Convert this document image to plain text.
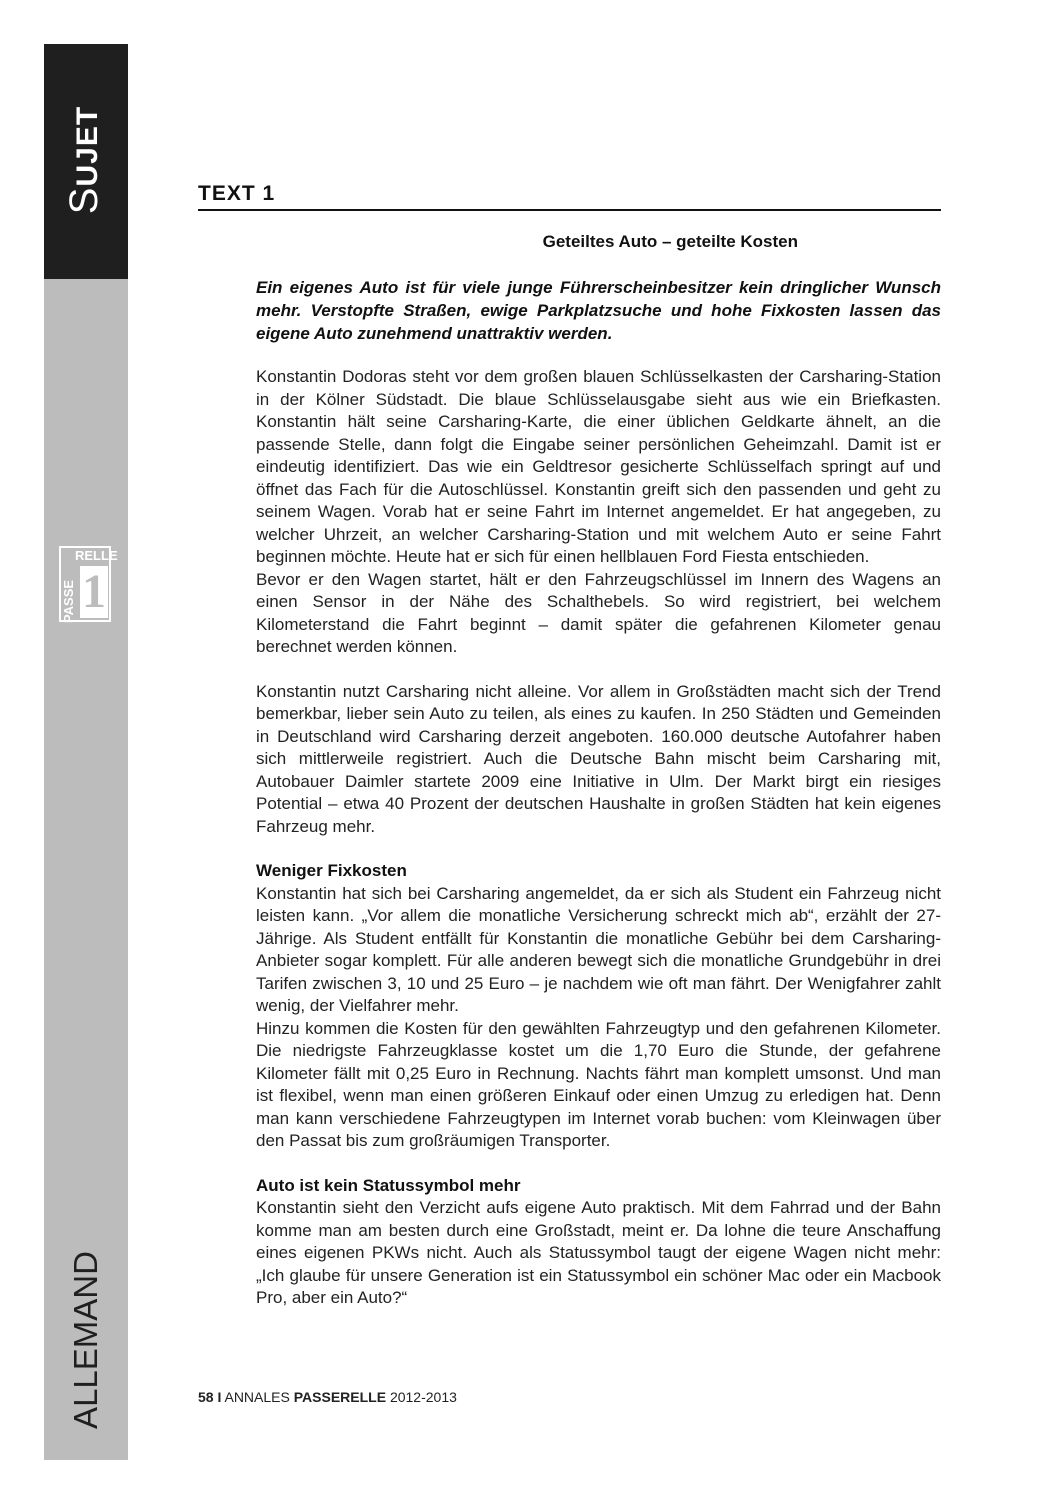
SUJET
RELLE
PASSE 1
ALLEMAND
TEXT 1
Geteiltes Auto – geteilte Kosten
Ein eigenes Auto ist für viele junge Führerscheinbesitzer kein dringlicher Wunsch mehr. Verstopfte Straßen, ewige Parkplatzsuche und hohe Fixkosten lassen das eigene Auto zunehmend unattraktiv werden.

Konstantin Dodoras steht vor dem großen blauen Schlüsselkasten der Carsharing-Station in der Kölner Südstadt. Die blaue Schlüsselausgabe sieht aus wie ein Briefkasten. Konstantin hält seine Carsharing-Karte, die einer üblichen Geldkarte ähnelt, an die passende Stelle, dann folgt die Eingabe seiner persönlichen Geheimzahl. Damit ist er eindeutig identifiziert. Das wie ein Geldtresor gesicherte Schlüsselfach springt auf und öffnet das Fach für die Autoschlüssel. Konstantin greift sich den passenden und geht zu seinem Wagen. Vorab hat er seine Fahrt im Internet angemeldet. Er hat angegeben, zu welcher Uhrzeit, an welcher Carsharing-Station und mit welchem Auto er seine Fahrt beginnen möchte. Heute hat er sich für einen hellblauen Ford Fiesta entschieden.

Bevor er den Wagen startet, hält er den Fahrzeugschlüssel im Innern des Wagens an einen Sensor in der Nähe des Schalthebels. So wird registriert, bei welchem Kilometerstand die Fahrt beginnt – damit später die gefahrenen Kilometer genau berechnet werden können.

Konstantin nutzt Carsharing nicht alleine. Vor allem in Großstädten macht sich der Trend bemerkbar, lieber sein Auto zu teilen, als eines zu kaufen. In 250 Städten und Gemeinden in Deutschland wird Carsharing derzeit angeboten. 160.000 deutsche Autofahrer haben sich mittlerweile registriert. Auch die Deutsche Bahn mischt beim Carsharing mit, Autobauer Daimler startete 2009 eine Initiative in Ulm. Der Markt birgt ein riesiges Potential – etwa 40 Prozent der deutschen Haushalte in großen Städten hat kein eigenes Fahrzeug mehr.

Weniger Fixkosten

Konstantin hat sich bei Carsharing angemeldet, da er sich als Student ein Fahrzeug nicht leisten kann. „Vor allem die monatliche Versicherung schreckt mich ab“, erzählt der 27-Jährige. Als Student entfällt für Konstantin die monatliche Gebühr bei dem Carsharing-Anbieter sogar komplett. Für alle anderen bewegt sich die monatliche Grundgebühr in drei Tarifen zwischen 3, 10 und 25 Euro – je nachdem wie oft man fährt. Der Wenigfahrer zahlt wenig, der Vielfahrer mehr.

Hinzu kommen die Kosten für den gewählten Fahrzeugtyp und den gefahrenen Kilometer. Die niedrigste Fahrzeugklasse kostet um die 1,70 Euro die Stunde, der gefahrene Kilometer fällt mit 0,25 Euro in Rechnung. Nachts fährt man komplett umsonst. Und man ist flexibel, wenn man einen größeren Einkauf oder einen Umzug zu erledigen hat. Denn man kann verschiedene Fahrzeugtypen im Internet vorab buchen: vom Kleinwagen über den Passat bis zum großräumigen Transporter.

Auto ist kein Statussymbol mehr

Konstantin sieht den Verzicht aufs eigene Auto praktisch. Mit dem Fahrrad und der Bahn komme man am besten durch eine Großstadt, meint er. Da lohne die teure Anschaffung eines eigenen PKWs nicht. Auch als Statussymbol taugt der eigene Wagen nicht mehr: „Ich glaube für unsere Generation ist ein Statussymbol ein schöner Mac oder ein Macbook Pro, aber ein Auto?“

58 I ANNALES PASSERELLE 2012-2013
